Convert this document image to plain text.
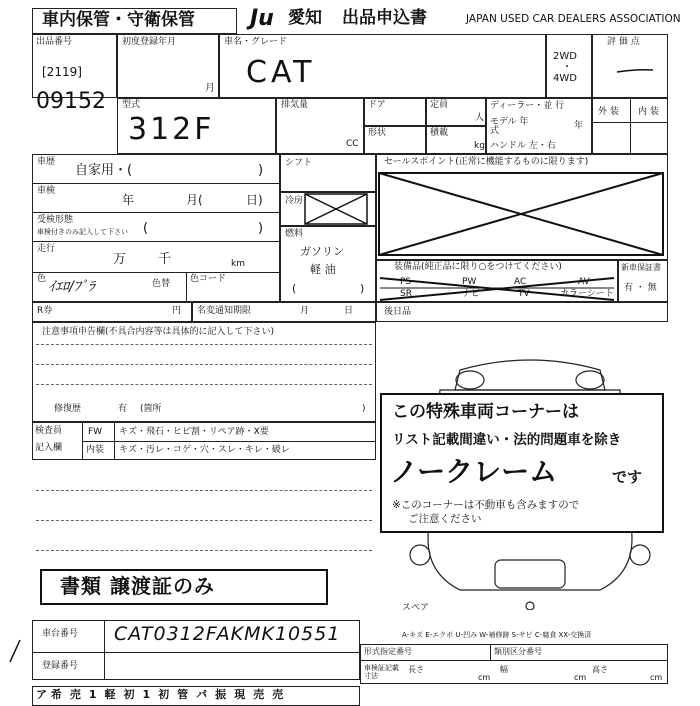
車内保管・守衛保管	Ju 愛知 出品申込書	JAPAN USED CAR DEALERS ASSOCIATION
出品番号
[2119]
09152
初度登録年月
月
車名・グレード
CAT	2WD
・
4WD
評 価 点
型式
312F
排気量
CC
ドア	定員
人
形状	積載
kg
ディーラー・並 行
モデル 年式	年
ハンドル 左・右
外 装 内 装
車歴
自家用・(	)
車検
年	月(	日)
受検形態
車検付きのみ記入して下さい (	)
走行
万 千	km
色 ｲｴﾛ/ﾌﾞﾗ	色替 色コード
シフト
冷房
燃料
ガソリン
軽 油
(	)
セールスポイント(正常に機能するものに限ります)
装備品(純正品に限り○をつけてください)
PS	PW	AC	AV
SR	ナビ	TV	カラーシート
新車保証書
有 ・ 無
R券	円 名変通知期限	月	日	後日品
注意事項申告欄(不具合内容等は具体的に記入して下さい)
修復歴	有 (箇所	)
検査員
記入欄
FW キズ・飛石・ヒビ割・リペア跡・X要
内装 キズ・汚レ・コゲ・穴・スレ・キレ・破レ
この特殊車両コーナーは
リスト記載間違い・法的問題車を除き
ノークレーム	です
※このコーナーは不動車も含みますので
ご注意ください
書類 譲渡証のみ
スペア
A-キズ E-エクボ U-凹み W-補修跡 S-サビ C-腐食 XX-交換済
車台番号 CAT0312FAKMK10551
登録番号
形式指定番号	類別区分番号
車検証記載 寸法
長さ
cm
幅
cm
高さ
cm
ア 希 売 1 軽 初 1 初 管 パ 振 現 売 売
